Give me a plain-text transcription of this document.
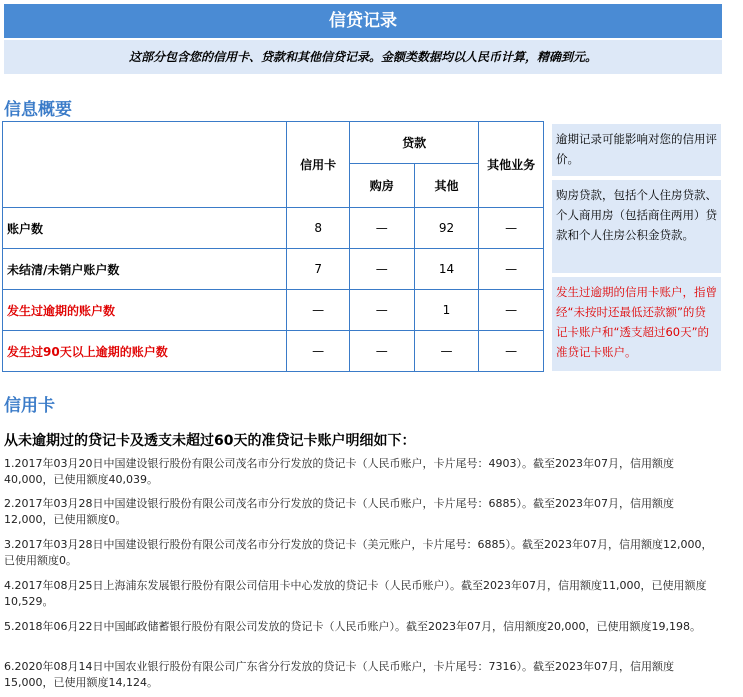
信贷记录
这部分包含您的信用卡、贷款和其他信贷记录。金额类数据均以人民币计算，精确到元。
信息概要
	信用卡	贷款		其他业务
		购房	其他	
账户数	8	—	92	—
未结清/未销户账户数	7	—	14	—
发生过逾期的账户数	—	—	1	—
发生过90天以上逾期的账户数	—	—	—	—
逾期记录可能影响对您的信用评价。
购房贷款，包括个人住房贷款、个人商用房（包括商住两用）贷款和个人住房公积金贷款。
发生过逾期的信用卡账户，指曾经“未按时还最低还款额”的贷记卡账户和“透支超过60天”的准贷记卡账户。
信用卡
从未逾期过的贷记卡及透支未超过60天的准贷记卡账户明细如下：
1.2017年03月20日中国建设银行股份有限公司茂名市分行发放的贷记卡（人民币账户，卡片尾号：4903）。截至2023年07月，信用额度40,000，已使用额度40,039。
2.2017年03月28日中国建设银行股份有限公司茂名市分行发放的贷记卡（人民币账户，卡片尾号：6885）。截至2023年07月，信用额度12,000，已使用额度0。
3.2017年03月28日中国建设银行股份有限公司茂名市分行发放的贷记卡（美元账户，卡片尾号：6885）。截至2023年07月，信用额度12,000，已使用额度0。
4.2017年08月25日上海浦东发展银行股份有限公司信用卡中心发放的贷记卡（人民币账户）。截至2023年07月，信用额度11,000，已使用额度10,529。
5.2018年06月22日中国邮政储蓄银行股份有限公司发放的贷记卡（人民币账户）。截至2023年07月，信用额度20,000，已使用额度19,198。
6.2020年08月14日中国农业银行股份有限公司广东省分行发放的贷记卡（人民币账户，卡片尾号：7316）。截至2023年07月，信用额度15,000，已使用额度14,124。
